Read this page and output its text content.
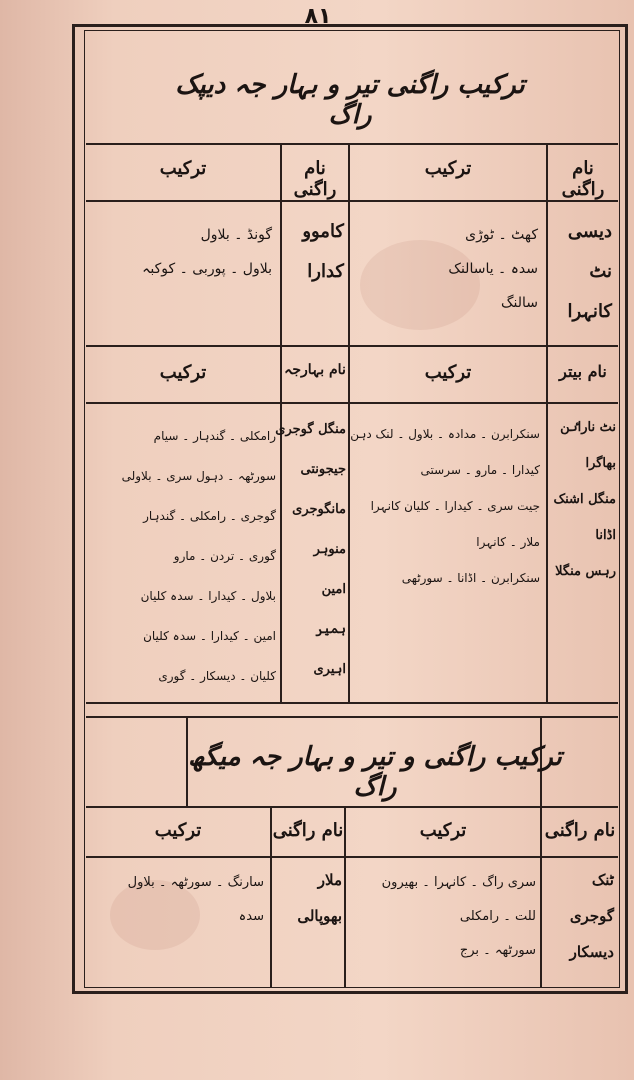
۸۱
ترکیب راگنی تیر و بہار جہ دیپک راگ
نام راگنی
ترکیب
نام راگنی
ترکیب
دیسی
نٹ
کانہرا
کھٹ ۔ ٹوڑی
سدہ ۔ یاسالنک
سالنگ
کاموو
کدارا
گونڈ ۔ بلاول
بلاول ۔ پوربی ۔ کوکبہ
نام بیتر
ترکیب
نام بہارجہ
ترکیب
نٹ ناراٸن
بھاگرا
منگل اشنک
اڈانا
رہس منگلا
سنکرابرن ۔ مدادہ ۔ بلاول ۔ لنک دہن
کیدارا ۔ مارو ۔ سرستی
جیت سری ۔ کیدارا ۔ کلیان کانہرا
ملار ۔ کانہرا
سنکرابرن ۔ اڈانا ۔ سورٹھی
منگل گوجری
جیجونتی
مانگوجری
منوہر
امین
ہمیر
اہیری
رامکلی ۔ گندہار ۔ سیام
سورٹھہ ۔ دہول سری ۔ بلاولی
گوجری ۔ رامکلی ۔ گندہار
گوری ۔ تردن ۔ مارو
بلاول ۔ کیدارا ۔ سدہ کلیان
امین ۔ کیدارا ۔ سدہ کلیان
کلیان ۔ دیسکار ۔ گوری
ترکیب راگنی و تیر و بہار جہ میگھ راگ
نام راگنی
ترکیب
نام راگنی
ترکیب
ٹنک
گوجری
دیسکار
سری راگ ۔ کانہرا ۔ بھیرون
للت ۔ رامکلی
سورٹھہ ۔ برج
ملار
بھوپالی
سارنگ ۔ سورٹھہ ۔ بلاول
سدہ
